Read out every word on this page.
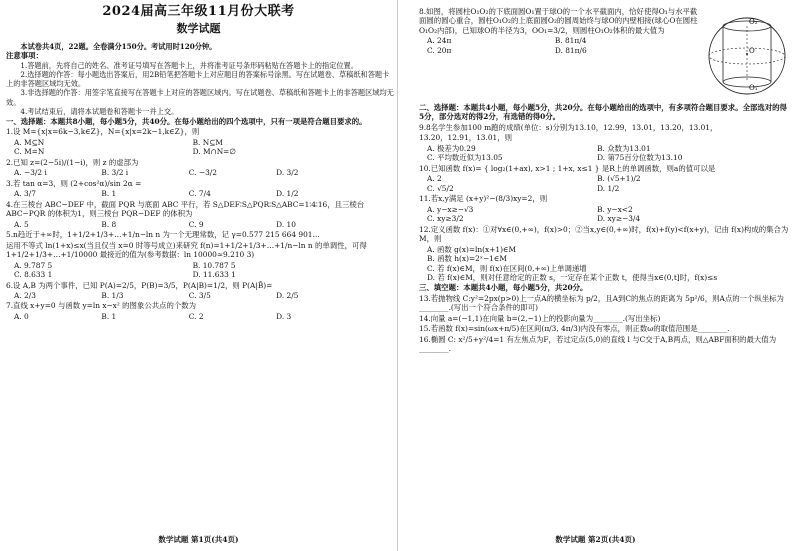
2024届高三年级11月份大联考
数学试题
本试卷共4页，22题。全卷满分150分。考试用时120分钟。
注意事项：
1.答题前，先将自己的姓名、准考证号填写在答题卡上，并将准考证号条形码粘贴在答题卡上的指定位置。
2.选择题的作答：每小题选出答案后，用2B铅笔把答题卡上对应题目的答案标号涂黑。写在试题卷、草稿纸和答题卡上的非答题区域均无效。
3.非选择题的作答：用签字笔直接写在答题卡上对应的答题区域内。写在试题卷、草稿纸和答题卡上的非答题区域均无效。
4.考试结束后，请将本试题卷和答题卡一并上交。
一、选择题：本题共8小题，每小题5分，共40分。在每小题给出的四个选项中，只有一项是符合题目要求的。
1.设 M={x|x=6k−3,k∈Z}，N={x|x=2k−1,k∈Z}，则
A. M⊆N	B. N⊆M
C. M=N	D. M∩N=∅
2.已知 z=(2−5i)/(1−i)，则 z 的虚部为
A. −3/2 i	B. 3/2 i	C. −3/2	D. 3/2
3.若 tan α=3，则 (2+cos²α)/sin 2α =
A. 3/7	B. 1	C. 7/4	D. 1/2
4.在三棱台 ABC−DEF 中，截面 PQR 与底面 ABC 平行，若 S△DEF∶S△PQR∶S△ABC=1∶4∶16，且三棱台 ABC−PQR 的体积为1，则三棱台 PQR−DEF 的体积为
A. 5	B. 8	C. 9	D. 10
5.n趋近于+∞时，1+1/2+1/3+…+1/n−ln n 为一个无理常数，记 γ=0.577 215 664 901…
运用不等式 ln(1+x)≤x(当且仅当 x=0 时等号成立)来研究 f(n)=1+1/2+1/3+…+1/n−ln n 的单调性，可得 1+1/2+1/3+…+1/10000 最接近的值为(参考数据：ln 10000≈9.210 3)
A. 9.787 5	B. 10.787 5
C. 8.633 1	D. 11.633 1
6.设 A,B 为两个事件，已知 P(A)=2/5，P(B)=3/5，P(A|B)=1/2，则 P(A|B̄)=
A. 2/3	B. 1/3	C. 3/5	D. 2/5
7.直线 x+y=0 与函数 y=ln x−x² 的图象公共点的个数为
A. 0	B. 1	C. 2	D. 3
数学试题 第1页(共4页)
8.如图，将圆柱O₁O₂的下底面圆O₁置于球O的一个水平截面内，恰好使得O₁与水平截面圆的圆心重合，圆柱O₁O₂的上底面圆O₂的圆周始终与球O的内壁相接(球心O在圆柱O₁O₂内部)，已知球O的半径为3，OO₁=3/2，则圆柱O₁O₂体积的最大值为
A. 24π	B. 81π/4
C. 20π	D. 81π/6
O₂
O
O₁
二、选择题：本题共4小题，每小题5分，共20分。在每小题给出的选项中，有多项符合题目要求。全部选对的得5分，部分选对的得2分，有选错的得0分。
9.8名学生参加100 m跑的成绩(单位：s)分别为13.10，12.99，13.01，13.20，13.01，
13.20，12.91，13.01，则
A. 极差为0.29	B. 众数为13.01
C. 平均数近似为13.05	D. 第75百分位数为13.10
10.已知函数 f(x)= { log₂(1+ax), x>1 ; 1+x, x≤1 } 是R上的单调函数，则a的值可以是
A. 2	B. (√5+1)/2
C. √5/2	D. 1/2
11.若x,y满足 (x+y)²−(8/3)xy=2，则
A. y−x≥−√3	B. y−x<2
C. xy≥3/2	D. xy≥−3/4
12.定义函数 f(x)：①对∀x∈(0,+∞)，f(x)>0；②当x,y∈(0,+∞)时，f(x)+f(y)<f(x+y)，记由 f(x)构成的集合为M，则
A. 函数 g(x)=ln(x+1)∈M
B. 函数 h(x)=2ˣ−1∈M
C. 若 f(x)∈M，则 f(x)在区间(0,+∞)上单调递增
D. 若 f(x)∈M，则对任意给定的正数 s，一定存在某个正数 t，使得当x∈(0,t]时，f(x)≤s
三、填空题：本题共4小题，每小题5分，共20分。
13.若抛物线 C:y²=2px(p>0)上一点A的横坐标为 p/2，且A到C的焦点的距离为 5p²/6，则A点的一个纵坐标为________.(写出一个符合条件的即可)
14.向量 a=(−1,1)在向量 b=(2,−1)上的投影向量为________.(写出坐标)
15.若函数 f(x)=sin(ωx+π/5)在区间(π/3, 4π/3)内没有零点，则正数ω的取值范围是________.
16.椭圆 C: x²/5+y²/4=1 有左焦点为F，若过定点(5,0)的直线 l 与C交于A,B两点，则△ABF面积的最大值为________.
数学试题 第2页(共4页)
